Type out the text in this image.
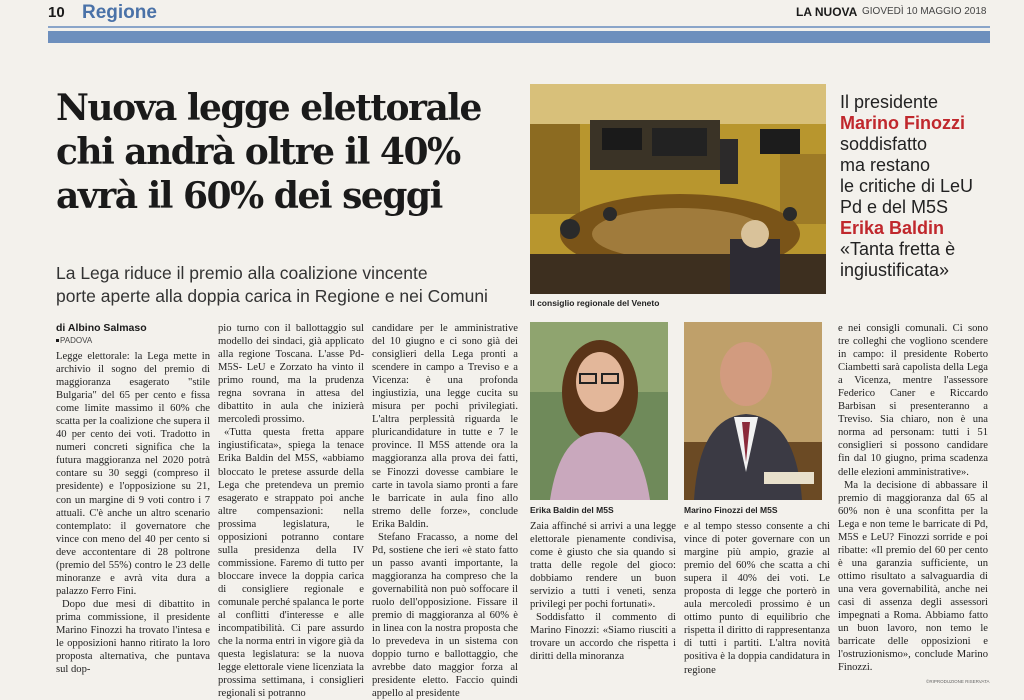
10 Regione	LA NUOVA GIOVEDÌ 10 MAGGIO 2018
Nuova legge elettorale
chi andrà oltre il 40%
avrà il 60% dei seggi
La Lega riduce il premio alla coalizione vincente
porte aperte alla doppia carica in Regione e nei Comuni	Il consiglio regionale del Veneto
Il presidente
Marino Finozzi
soddisfatto
ma restano
le critiche di LeU
Pd e del M5S
Erika Baldin
«Tanta fretta è
ingiustificata»
di Albino Salmaso
PADOVA
Erika Baldin del M5S	Marino Finozzi del M5S

Legge elettorale: la Lega mette in archivio il sogno del premio di maggioranza esagerato "stile Bulgaria" del 65 per cento e fissa come limite massimo il 60% che scatta per la coalizione che supera il 40 per cento dei voti. Tradotto in numeri concreti significa che la futura maggioranza nel 2020 potrà contare su 30 seggi (compreso il presidente) e l'opposizione su 21, con un margine di 9 voti contro i 7 attuali. C'è anche un altro scenario contemplato: il governatore che vince con meno del 40 per cento si deve accontentare di 28 poltrone (premio del 55%) contro le 23 delle minoranze e avrà vita dura a palazzo Ferro Fini.

Dopo due mesi di dibattito in prima commissione, il presidente Marino Finozzi ha trovato l'intesa e le opposizioni hanno ritirato la loro proposta alternativa, che puntava sul dop-

pio turno con il ballottaggio sul modello dei sindaci, già applicato alla regione Toscana. L'asse Pd- M5S- LeU e Zorzato ha vinto il primo round, ma la prudenza regna sovrana in attesa del dibattito in aula che inizierà mercoledì prossimo.

«Tutta questa fretta appare ingiustificata», spiega la tenace Erika Baldin del M5S, «abbiamo bloccato le pretese assurde della Lega che pretendeva un premio esagerato e strappato poi anche altre compensazioni: nella prossima legislatura, le opposizioni potranno contare sulla presidenza della IV commissione. Faremo di tutto per bloccare invece la doppia carica di consigliere regionale e comunale perché spalanca le porte al conflitti d'interesse e alle incompatibilità. Ci pare assurdo che la norma entri in vigore già da questa legislatura: se la nuova legge elettorale viene licenziata la prossima settimana, i consiglieri regionali si potranno

candidare per le amministrative del 10 giugno e ci sono già dei consiglieri della Lega pronti a scendere in campo a Treviso e a Vicenza: è una profonda ingiustizia, una legge cucita su misura per pochi privilegiati. L'altra perplessità riguarda le pluricandidature in tutte e 7 le province. Il M5S attende ora la maggioranza alla prova dei fatti, se Finozzi dovesse cambiare le carte in tavola siamo pronti a fare le barricate in aula fino allo stremo delle forze», conclude Erika Baldin.

Stefano Fracasso, a nome del Pd, sostiene che ieri «è stato fatto un passo avanti importante, la maggioranza ha compreso che la governabilità non può soffocare il ruolo dell'opposizione. Fissare il premio di maggioranza al 60% è in linea con la nostra proposta che lo prevedeva in un sistema con doppio turno e ballottaggio, che avrebbe dato maggior forza al presidente eletto. Faccio quindi appello al presidente

Zaia affinché si arrivi a una legge elettorale pienamente condivisa, come è giusto che sia quando si tratta delle regole del gioco: dobbiamo rendere un buon servizio a tutti i veneti, senza privilegi per pochi fortunati».

Soddisfatto il commento di Marino Finozzi: «Siamo riusciti a trovare un accordo che rispetta i diritti della minoranza

e al tempo stesso consente a chi vince di poter governare con un margine più ampio, grazie al premio del 60% che scatta a chi supera il 40% dei voti. Le proposta di legge che porterò in aula mercoledì prossimo è un ottimo punto di equilibrio che rispetta il diritto di rappresentanza di tutti i partiti. L'altra novità positiva è la doppia candidatura in regione

e nei consigli comunali. Ci sono tre colleghi che vogliono scendere in campo: il presidente Roberto Ciambetti sarà capolista della Lega a Vicenza, mentre l'assessore Federico Caner e Riccardo Barbisan si presenteranno a Treviso. Sia chiaro, non è una norma ad personam: tutti i 51 consiglieri si possono candidare fin dal 10 giugno, prima scadenza delle elezioni amministrative».

Ma la decisione di abbassare il premio di maggioranza dal 65 al 60% non è una sconfitta per la Lega e non teme le barricate di Pd, M5S e LeU? Finozzi sorride e poi ribatte: «Il premio del 60 per cento è una garanzia sufficiente, un ottimo risultato a salvaguardia di una vera governabilità, anche nei casi di assenza degli assessori impegnati a Roma. Abbiamo fatto un buon lavoro, non temo le barricate delle opposizioni e l'ostruzionismo», conclude Marino Finozzi.

©RIPRODUZIONE RISERVATA
